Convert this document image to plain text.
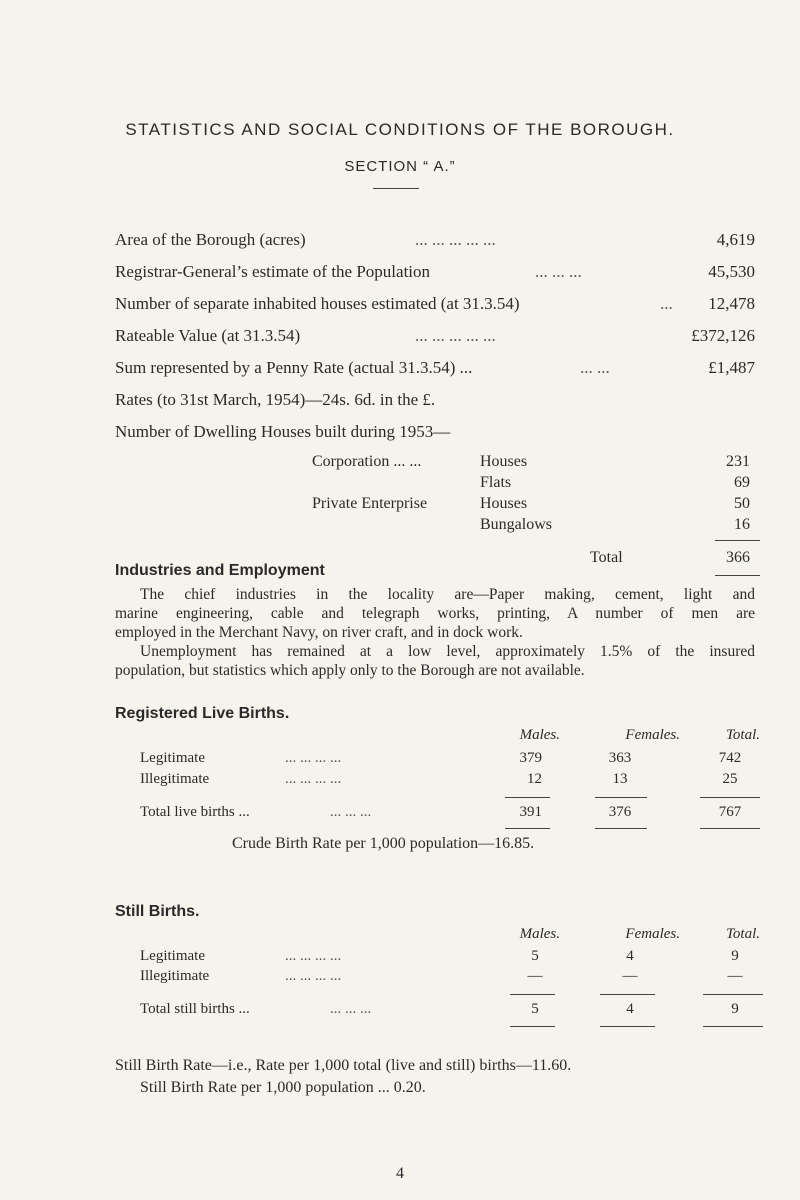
STATISTICS AND SOCIAL CONDITIONS OF THE BOROUGH.
SECTION “ A.”
Area of the Borough (acres)	... ... ... ... ...	4,619
Registrar-General’s estimate of the Population	... ... ...	45,530
Number of separate inhabited houses estimated (at 31.3.54)	... 12,478
Rateable Value (at 31.3.54)	... ... ... ... ...	£372,126
Sum represented by a Penny Rate (actual 31.3.54) ...	... ...	£1,487
Rates (to 31st March, 1954)—24s. 6d. in the £.
Number of Dwelling Houses built during 1953—
Corporation ... ...	Houses	231
Flats	69
Private Enterprise	Houses	50
Bungalows	16
Total	366
Industries and Employment
The chief industries in the locality are—Paper making, cement, light and
marine engineering, cable and telegraph works, printing, A number of men are
employed in the Merchant Navy, on river craft, and in dock work.
Unemployment has remained at a low level, approximately 1.5% of the insured
population, but statistics which apply only to the Borough are not available.
Registered Live Births.
Males.	Females.	Total.
Legitimate	... ... ... ...	379	363	742
Illegitimate	... ... ... ...	12	13	25
Total live births ...	... ... ...	391	376	767
Crude Birth Rate per 1,000 population—16.85.
Still Births.
Males.	Females.	Total.
Legitimate	... ... ... ...	5	4	9
Illegitimate	... ... ... ...	—	—	—
Total still births ...	... ... ...	5	4	9
Still Birth Rate—i.e., Rate per 1,000 total (live and still) births—11.60.
Still Birth Rate per 1,000 population ... 0.20.
4
